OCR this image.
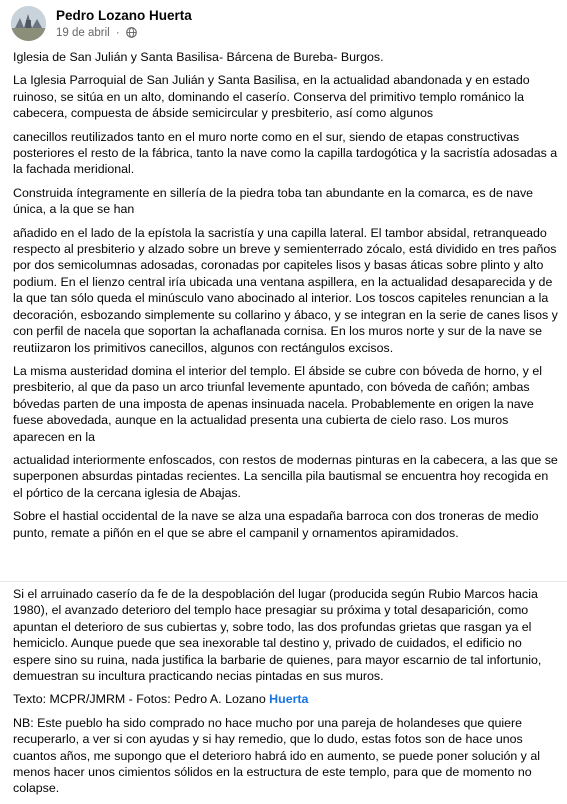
Pedro Lozano Huerta
19 de abril ·

Iglesia de San Julián y Santa Basilisa- Bárcena de Bureba- Burgos.

La Iglesia Parroquial de San Julián y Santa Basilisa, en la actualidad abandonada y en estado ruinoso, se sitúa en un alto, dominando el caserío. Conserva del primitivo templo románico la cabecera, compuesta de ábside semicircular y presbiterio, así como algunos

canecillos reutilizados tanto en el muro norte como en el sur, siendo de etapas constructivas posteriores el resto de la fábrica, tanto la nave como la capilla tardogótica y la sacristía adosadas a la fachada meridional.

Construida íntegramente en sillería de la piedra toba tan abundante en la comarca, es de nave única, a la que se han

añadido en el lado de la epístola la sacristía y una capilla lateral. El tambor absidal, retranqueado respecto al presbiterio y alzado sobre un breve y semienterrado zócalo, está dividido en tres paños por dos semicolumnas adosadas, coronadas por capiteles lisos y basas áticas sobre plinto y alto podium. En el lienzo central iría ubicada una ventana aspillera, en la actualidad desaparecida y de la que tan sólo queda el minúsculo vano abocinado al interior. Los toscos capiteles renuncian a la decoración, esbozando simplemente su collarino y ábaco, y se integran en la serie de canes lisos y con perfil de nacela que soportan la achaflanada cornisa. En los muros norte y sur de la nave se reutiizaron los primitivos canecillos, algunos con rectángulos excisos.

La misma austeridad domina el interior del templo. El ábside se cubre con bóveda de horno, y el presbiterio, al que da paso un arco triunfal levemente apuntado, con bóveda de cañón; ambas bóvedas parten de una imposta de apenas insinuada nacela. Probablemente en origen la nave fuese abovedada, aunque en la actualidad presenta una cubierta de cielo raso. Los muros aparecen en la

actualidad interiormente enfoscados, con restos de modernas pinturas en la cabecera, a las que se superponen absurdas pintadas recientes. La sencilla pila bautismal se encuentra hoy recogida en el pórtico de la cercana iglesia de Abajas.

Sobre el hastial occidental de la nave se alza una espadaña barroca con dos troneras de medio punto, remate a piñón en el que se abre el campanil y ornamentos apiramidados.

Si el arruinado caserío da fe de la despoblación del lugar (producida según Rubio Marcos hacia 1980), el avanzado deterioro del templo hace presagiar su próxima y total desaparición, como apuntan el deterioro de sus cubiertas y, sobre todo, las dos profundas grietas que rasgan ya el hemiciclo. Aunque puede que sea inexorable tal destino y, privado de cuidados, el edificio no espere sino su ruina, nada justifica la barbarie de quienes, para mayor escarnio de tal infortunio, demuestran su incultura practicando necias pintadas en sus muros.

Texto: MCPR/JMRM - Fotos: Pedro A. Lozano Huerta

NB: Este pueblo ha sido comprado no hace mucho por una pareja de holandeses que quiere recuperarlo, a ver si con ayudas y si hay remedio, que lo dudo, estas fotos son de hace unos cuantos años, me supongo que el deterioro habrá ido en aumento, se puede poner solución y al menos hacer unos cimientos sólidos en la estructura de este templo, para que de momento no colapse.
